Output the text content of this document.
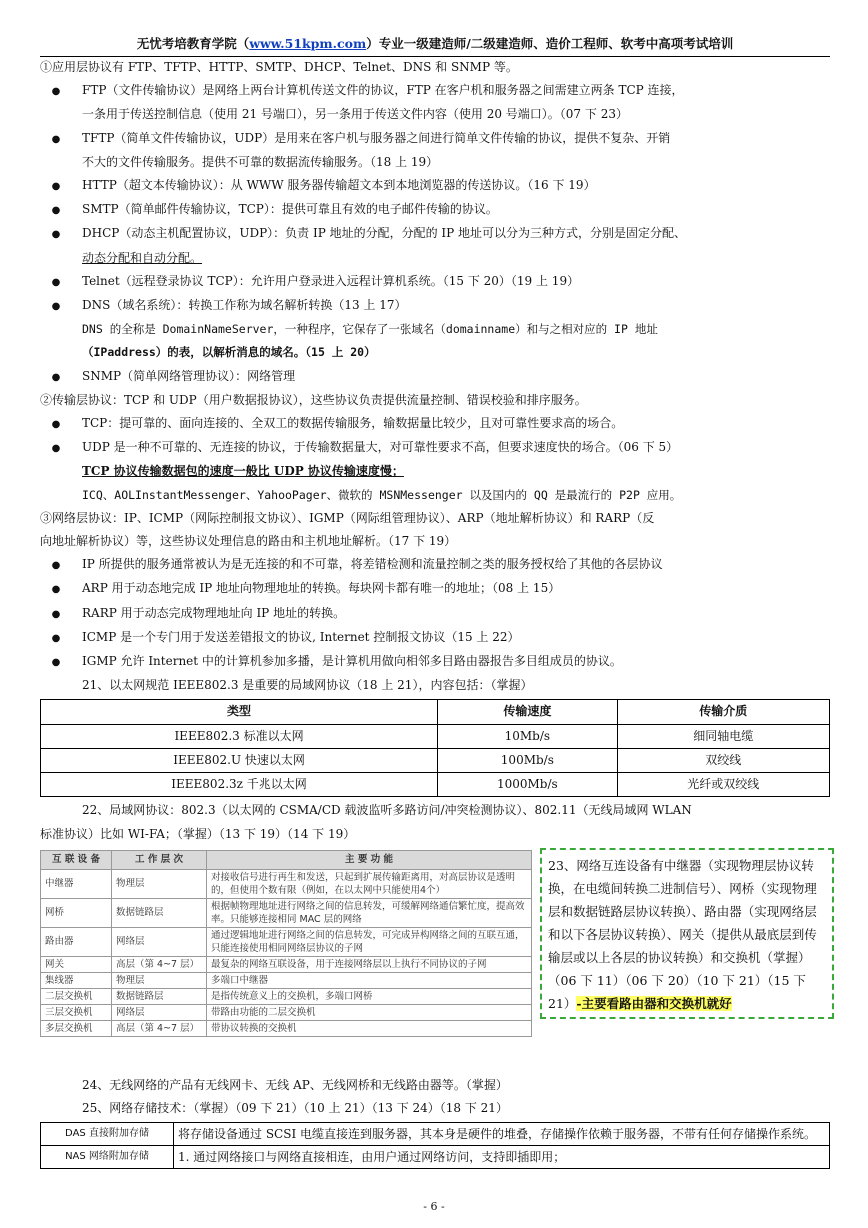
无忧考培教育学院（www.51kpm.com）专业一级建造师/二级建造师、造价工程师、软考中高项考试培训
①应用层协议有 FTP、TFTP、HTTP、SMTP、DHCP、Telnet、DNS 和 SNMP 等。
● FTP（文件传输协议）是网络上两台计算机传送文件的协议，FTP 在客户机和服务器之间需建立两条 TCP 连接，
一条用于传送控制信息（使用 21 号端口），另一条用于传送文件内容（使用 20 号端口）。（07 下 23）
● TFTP（简单文件传输协议，UDP）是用来在客户机与服务器之间进行简单文件传输的协议，提供不复杂、开销
不大的文件传输服务。提供不可靠的数据流传输服务。（18 上 19）
● HTTP（超文本传输协议）：从 WWW 服务器传输超文本到本地浏览器的传送协议。（16 下 19）
● SMTP（简单邮件传输协议，TCP）：提供可靠且有效的电子邮件传输的协议。
● DHCP（动态主机配置协议，UDP）：负责 IP 地址的分配，分配的 IP 地址可以分为三种方式，分别是固定分配、
动态分配和自动分配。
● Telnet（远程登录协议 TCP）：允许用户登录进入远程计算机系统。（15 下 20）（19 上 19）
● DNS（域名系统）：转换工作称为域名解析转换（13 上 17）
DNS 的全称是 DomainNameServer，一种程序，它保存了一张域名（domainname）和与之相对应的 IP 地址
（IPaddress）的表，以解析消息的域名。（15 上 20）
● SNMP（简单网络管理协议）：网络管理
②传输层协议：TCP 和 UDP（用户数据报协议），这些协议负责提供流量控制、错误校验和排序服务。
● TCP：提可靠的、面向连接的、全双工的数据传输服务，输数据量比较少，且对可靠性要求高的场合。
● UDP 是一种不可靠的、无连接的协议，于传输数据量大，对可靠性要求不高，但要求速度快的场合。（06 下 5）
TCP 协议传输数据包的速度一般比 UDP 协议传输速度慢；
ICQ、AOLInstantMessenger、YahooPager、微软的 MSNMessenger 以及国内的 QQ 是最流行的 P2P 应用。
③网络层协议：IP、ICMP（网际控制报文协议）、IGMP（网际组管理协议）、ARP（地址解析协议）和 RARP（反
向地址解析协议）等，这些协议处理信息的路由和主机地址解析。（17 下 19）
● IP 所提供的服务通常被认为是无连接的和不可靠，将差错检测和流量控制之类的服务授权给了其他的各层协议
● ARP 用于动态地完成 IP 地址向物理地址的转换。每块网卡都有唯一的地址；（08 上 15）
● RARP 用于动态完成物理地址向 IP 地址的转换。
● ICMP 是一个专门用于发送差错报文的协议, Internet 控制报文协议（15 上 22）
● IGMP 允许 Internet 中的计算机参加多播，是计算机用做向相邻多目路由器报告多目组成员的协议。
21、以太网规范 IEEE802.3 是重要的局域网协议（18 上 21），内容包括：（掌握）
类型	传输速度	传输介质
IEEE802.3 标准以太网	10Mb/s	细同轴电缆
IEEE802.U 快速以太网	100Mb/s	双绞线
IEEE802.3z 千兆以太网	1000Mb/s	光纤或双绞线
22、局域网协议：802.3（以太网的 CSMA/CD 载波监听多路访问/冲突检测协议）、802.11（无线局域网 WLAN
标准协议）比如 WI-FA；（掌握）（13 下 19）（14 下 19）
互 联 设 备	工 作 层 次	主 要 功 能
中继器	物理层	对接收信号进行再生和发送，只起到扩展传输距离用，对高层协议是透明的，但使用个数有限（例如，在以太网中只能使用4个）
网桥	数据链路层	根据帧物理地址进行网络之间的信息转发，可缓解网络通信繁忙度，提高效率。只能够连接相同 MAC 层的网络
路由器	网络层	通过逻辑地址进行网络之间的信息转发，可完成异构网络之间的互联互通，只能连接使用相同网络层协议的子网
网关	高层（第 4~7 层）	最复杂的网络互联设备，用于连接网络层以上执行不同协议的子网
集线器	物理层	多端口中继器
二层交换机	数据链路层	是指传统意义上的交换机，多端口网桥
三层交换机	网络层	带路由功能的二层交换机
多层交换机	高层（第 4~7 层）	带协议转换的交换机
23、网络互连设备有中继器（实现物理层协议转换，在电缆间转换二进制信号）、网桥（实现物理层和数据链路层协议转换）、路由器（实现网络层和以下各层协议转换）、网关（提供从最底层到传输层或以上各层的协议转换）和交换机（掌握）（06 下 11）（06 下 20）（10 下 21）（15 下 21）-主要看路由器和交换机就好
24、无线网络的产品有无线网卡、无线 AP、无线网桥和无线路由器等。（掌握）
25、网络存储技术：（掌握）（09 下 21）（10 上 21）（13 下 24）（18 下 21）
DAS 直接附加存储	将存储设备通过 SCSI 电缆直接连到服务器，其本身是硬件的堆叠，存储操作依赖于服务器，不带有任何存储操作系统。
NAS 网络附加存储	1. 通过网络接口与网络直接相连，由用户通过网络访问，支持即插即用；
- 6 -
